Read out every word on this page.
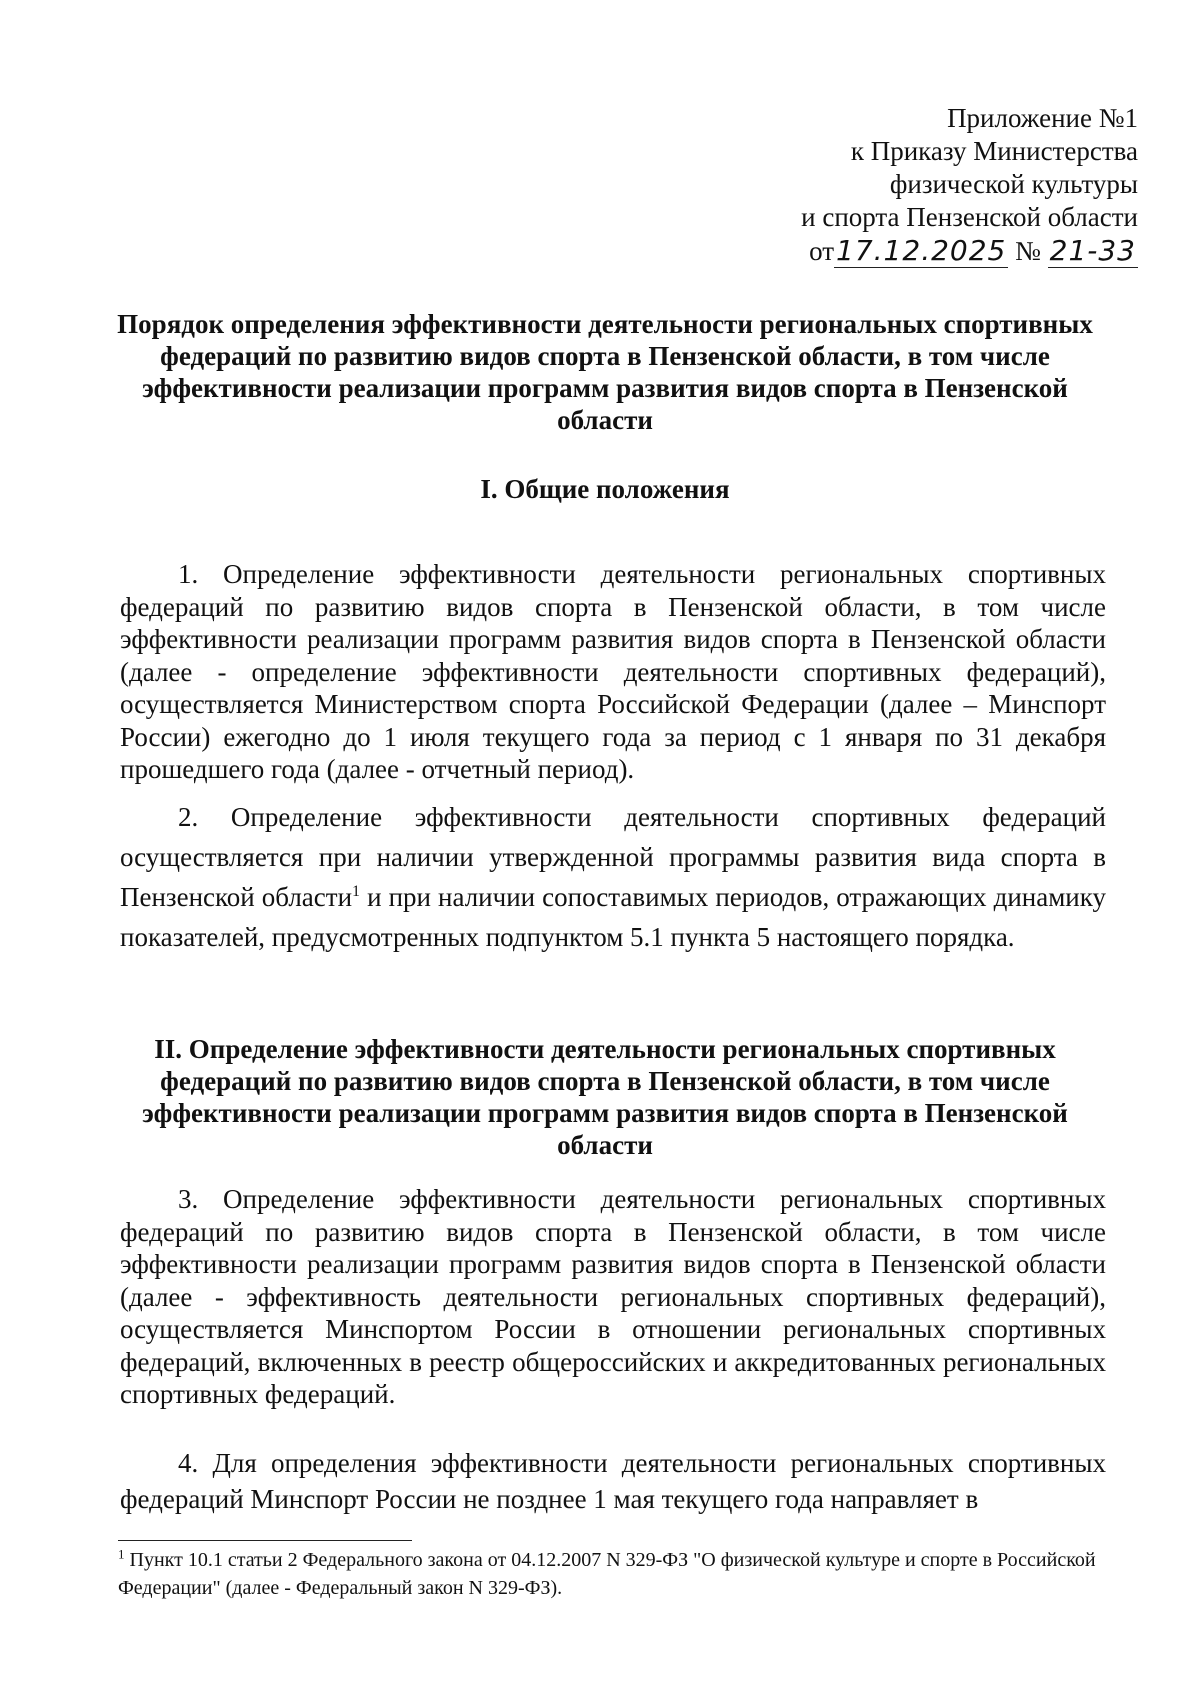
Приложение №1
к Приказу Министерства
физической культуры
и спорта Пензенской области
от17.12.2025 № 21-33
Порядок определения эффективности деятельности региональных спортивных федераций по развитию видов спорта в Пензенской области, в том числе эффективности реализации программ развития видов спорта в Пензенской области
I. Общие положения
1. Определение эффективности деятельности региональных спортивных федераций по развитию видов спорта в Пензенской области, в том числе эффективности реализации программ развития видов спорта в Пензенской области (далее - определение эффективности деятельности спортивных федераций), осуществляется Министерством спорта Российской Федерации (далее – Минспорт России) ежегодно до 1 июля текущего года за период с 1 января по 31 декабря прошедшего года (далее - отчетный период).
2. Определение эффективности деятельности спортивных федераций осуществляется при наличии утвержденной программы развития вида спорта в Пензенской области$^1$ и при наличии сопоставимых периодов, отражающих динамику показателей, предусмотренных подпунктом 5.1 пункта 5 настоящего порядка.
II. Определение эффективности деятельности региональных спортивных федераций по развитию видов спорта в Пензенской области, в том числе эффективности реализации программ развития видов спорта в Пензенской области
3. Определение эффективности деятельности региональных спортивных федераций по развитию видов спорта в Пензенской области, в том числе эффективности реализации программ развития видов спорта в Пензенской области (далее - эффективность деятельности региональных спортивных федераций), осуществляется Минспортом России в отношении региональных спортивных федераций, включенных в реестр общероссийских и аккредитованных региональных спортивных федераций.
4. Для определения эффективности деятельности региональных спортивных федераций Минспорт России не позднее 1 мая текущего года направляет в
$^1$ Пункт 10.1 статьи 2 Федерального закона от 04.12.2007 N 329-ФЗ "О физической культуре и спорте в Российской Федерации" (далее - Федеральный закон N 329-ФЗ).
